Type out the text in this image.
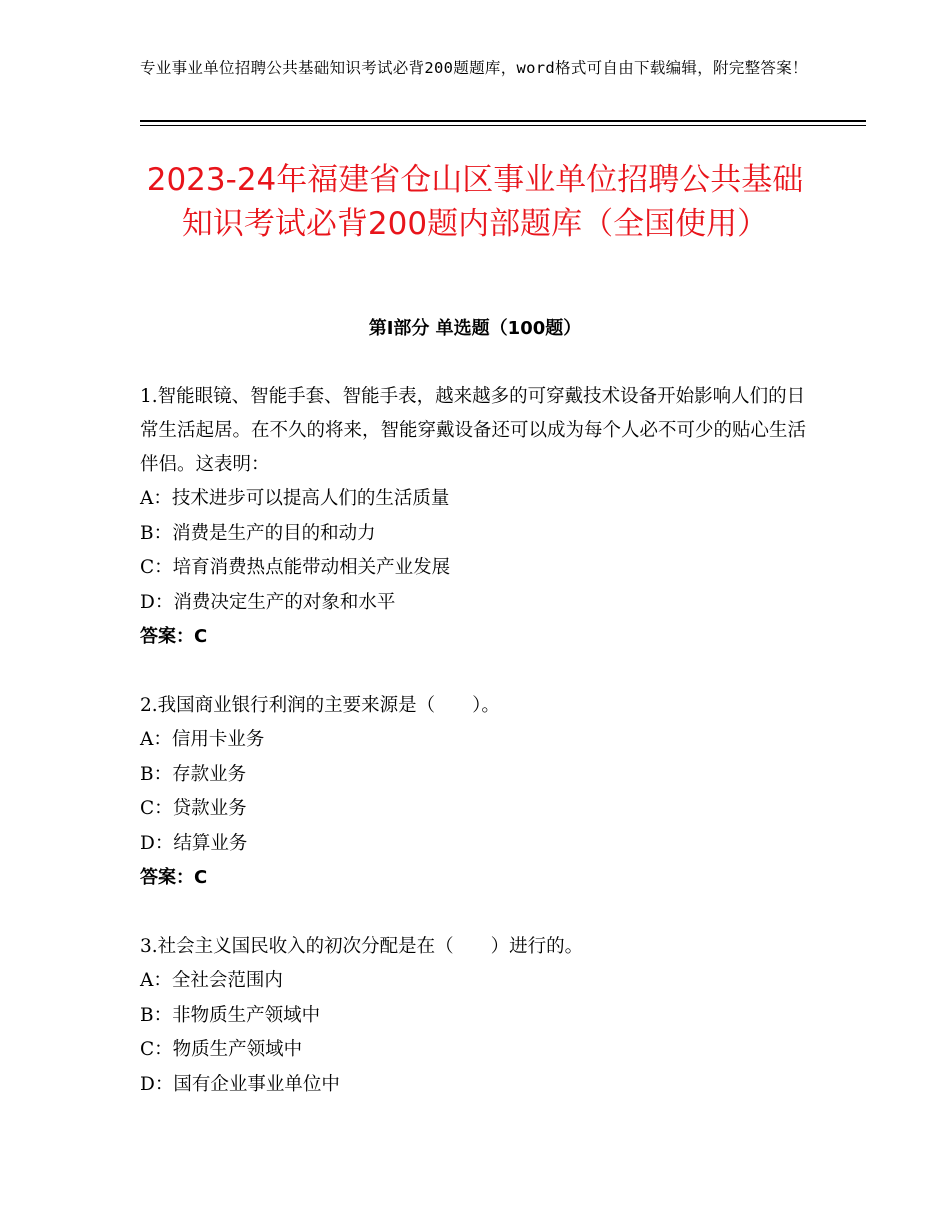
专业事业单位招聘公共基础知识考试必背200题题库，word格式可自由下载编辑，附完整答案！
2023-24年福建省仓山区事业单位招聘公共基础知识考试必背200题内部题库（全国使用）
第Ⅰ部分 单选题（100题）
1.智能眼镜、智能手套、智能手表，越来越多的可穿戴技术设备开始影响人们的日常生活起居。在不久的将来，智能穿戴设备还可以成为每个人必不可少的贴心生活伴侣。这表明：
A：技术进步可以提高人们的生活质量
B：消费是生产的目的和动力
C：培育消费热点能带动相关产业发展
D：消费决定生产的对象和水平
答案：C
2.我国商业银行利润的主要来源是（　　）。
A：信用卡业务
B：存款业务
C：贷款业务
D：结算业务
答案：C
3.社会主义国民收入的初次分配是在（　　）进行的。
A：全社会范围内
B：非物质生产领域中
C：物质生产领域中
D：国有企业事业单位中
